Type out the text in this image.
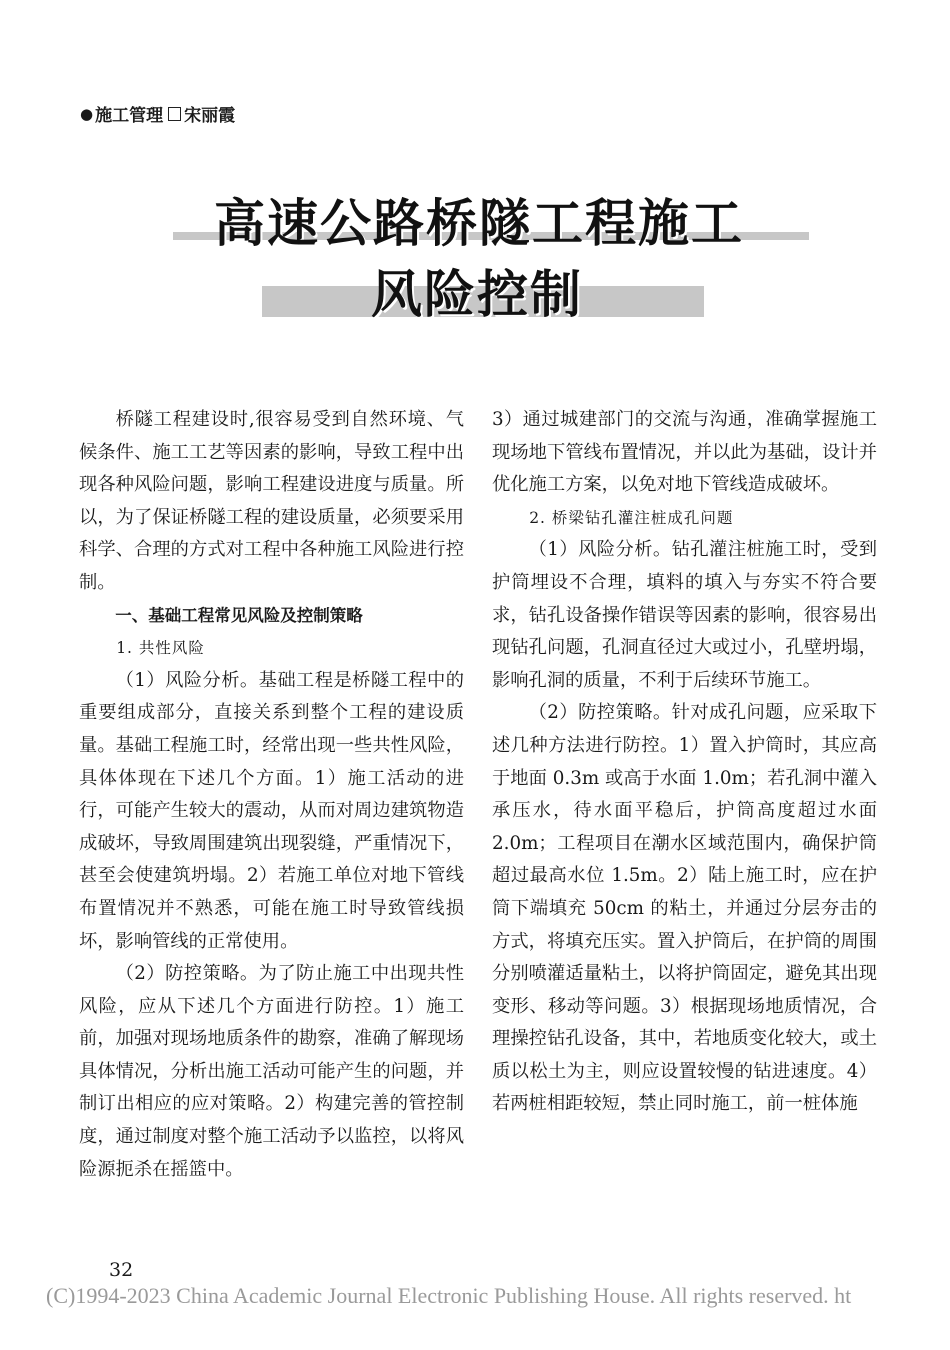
● 施工管理 宋丽霞
高速公路桥隧工程施工
风险控制

桥隧工程建设时,很容易受到自然环境、气候条件、施工工艺等因素的影响，导致工程中出现各种风险问题，影响工程建设进度与质量。所以，为了保证桥隧工程的建设质量，必须要采用科学、合理的方式对工程中各种施工风险进行控制。

一、基础工程常见风险及控制策略

1. 共性风险

（1）风险分析。基础工程是桥隧工程中的重要组成部分，直接关系到整个工程的建设质量。基础工程施工时，经常出现一些共性风险，具体体现在下述几个方面。1）施工活动的进行，可能产生较大的震动，从而对周边建筑物造成破坏，导致周围建筑出现裂缝，严重情况下，甚至会使建筑坍塌。2）若施工单位对地下管线布置情况并不熟悉，可能在施工时导致管线损坏，影响管线的正常使用。

（2）防控策略。为了防止施工中出现共性风险，应从下述几个方面进行防控。1）施工前，加强对现场地质条件的勘察，准确了解现场具体情况，分析出施工活动可能产生的问题，并制订出相应的应对策略。2）构建完善的管控制度，通过制度对整个施工活动予以监控，以将风险源扼杀在摇篮中。

3）通过城建部门的交流与沟通，准确掌握施工现场地下管线布置情况，并以此为基础，设计并优化施工方案，以免对地下管线造成破坏。

2. 桥梁钻孔灌注桩成孔问题

（1）风险分析。钻孔灌注桩施工时，受到护筒埋设不合理，填料的填入与夯实不符合要求，钻孔设备操作错误等因素的影响，很容易出现钻孔问题，孔洞直径过大或过小，孔壁坍塌，影响孔洞的质量，不利于后续环节施工。

（2）防控策略。针对成孔问题，应采取下述几种方法进行防控。1）置入护筒时，其应高于地面 0.3m 或高于水面 1.0m；若孔洞中灌入承压水，待水面平稳后，护筒高度超过水面 2.0m；工程项目在潮水区域范围内，确保护筒超过最高水位 1.5m。2）陆上施工时，应在护筒下端填充 50cm 的粘土，并通过分层夯击的方式，将填充压实。置入护筒后，在护筒的周围分别喷灌适量粘土，以将护筒固定，避免其出现变形、移动等问题。3）根据现场地质情况，合理操控钻孔设备，其中，若地质变化较大，或土质以松土为主，则应设置较慢的钻进速度。4）若两桩相距较短，禁止同时施工，前一桩体施

32
(C)1994-2023 China Academic Journal Electronic Publishing House. All rights reserved. ht
